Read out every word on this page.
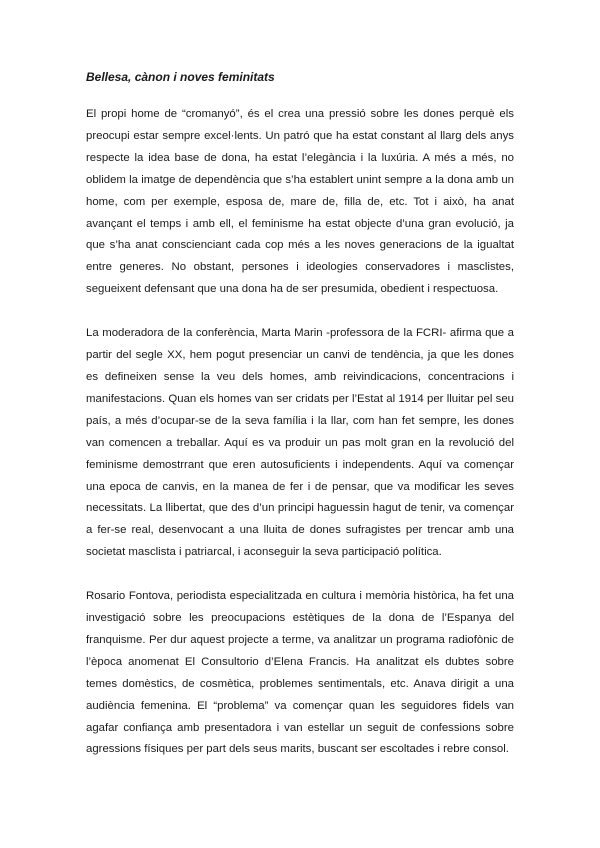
Bellesa, cànon i noves feminitats

El propi home de “cromanyó”, és el crea una pressió sobre les dones perquè els preocupi estar sempre excel·lents. Un patró que ha estat constant al llarg dels anys respecte la idea base de dona, ha estat l’elegància i la luxúria. A més a més, no oblidem la imatge de dependència que s’ha establert unint sempre a la dona amb un home, com per exemple, esposa de, mare de, filla de, etc. Tot i això, ha anat avançant el temps i amb ell, el feminisme ha estat objecte d’una gran evolució, ja que s’ha anat conscienciant cada cop més a les noves generacions de la igualtat entre generes. No obstant, persones i ideologies conservadores i masclistes, segueixent defensant que una dona ha de ser presumida, obedient i respectuosa.

La moderadora de la conferència, Marta Marin -professora de la FCRI- afirma que a partir del segle XX, hem pogut presenciar un canvi de tendència, ja que les dones es defineixen sense la veu dels homes, amb reivindicacions, concentracions i manifestacions. Quan els homes van ser cridats per l’Estat al 1914 per lluitar pel seu país, a més d’ocupar-se de la seva família i la llar, com han fet sempre, les dones van comencen a treballar. Aquí es va produir un pas molt gran en la revolució del feminisme demostrrant que eren autosuficients i independents. Aquí va començar una epoca de canvis, en la manea de fer i de pensar, que va modificar les seves necessitats. La llibertat, que des d’un principi haguessin hagut de tenir, va començar a fer-se real, desenvocant a una lluita de dones sufragistes per trencar amb una societat masclista i patriarcal, i aconseguir la seva participació política.

Rosario Fontova, periodista especialitzada en cultura i memòria històrica, ha fet una investigació sobre les preocupacions estètiques de la dona de l’Espanya del franquisme. Per dur aquest projecte a terme, va analitzar un programa radiofònic de l’època anomenat El Consultorio d’Elena Francis. Ha analitzat els dubtes sobre temes domèstics, de cosmètica, problemes sentimentals, etc. Anava dirigit a una audiència femenina. El “problema” va començar quan les seguidores fidels van agafar confiança amb presentadora i van estellar un seguit de confessions sobre agressions físiques per part dels seus marits, buscant ser escoltades i rebre consol.
